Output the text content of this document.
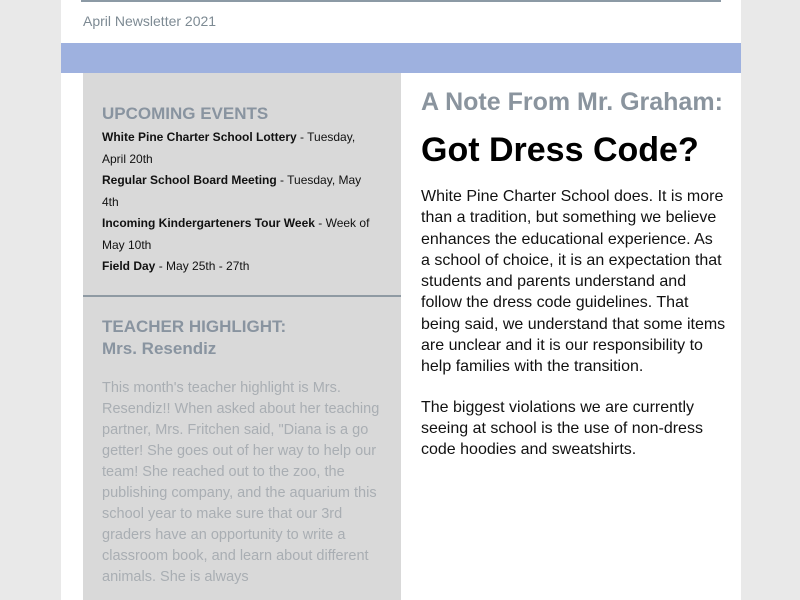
April Newsletter 2021
UPCOMING EVENTS
White Pine Charter School Lottery - Tuesday, April 20th
Regular School Board Meeting - Tuesday, May 4th
Incoming Kindergarteners Tour Week - Week of May 10th
Field Day - May 25th - 27th
TEACHER HIGHLIGHT:
Mrs. Resendiz
This month's teacher highlight is Mrs. Resendiz!! When asked about her teaching partner, Mrs. Fritchen said, "Diana is a go getter! She goes out of her way to help our team! She reached out to the zoo, the publishing company, and the aquarium this school year to make sure that our 3rd graders have an opportunity to write a classroom book, and learn about different animals. She is always
A Note From Mr. Graham:
Got Dress Code?

White Pine Charter School does. It is more than a tradition, but something we believe enhances the educational experience. As a school of choice, it is an expectation that students and parents understand and follow the dress code guidelines. That being said, we understand that some items are unclear and it is our responsibility to help families with the transition.

The biggest violations we are currently seeing at school is the use of non-dress code hoodies and sweatshirts.
